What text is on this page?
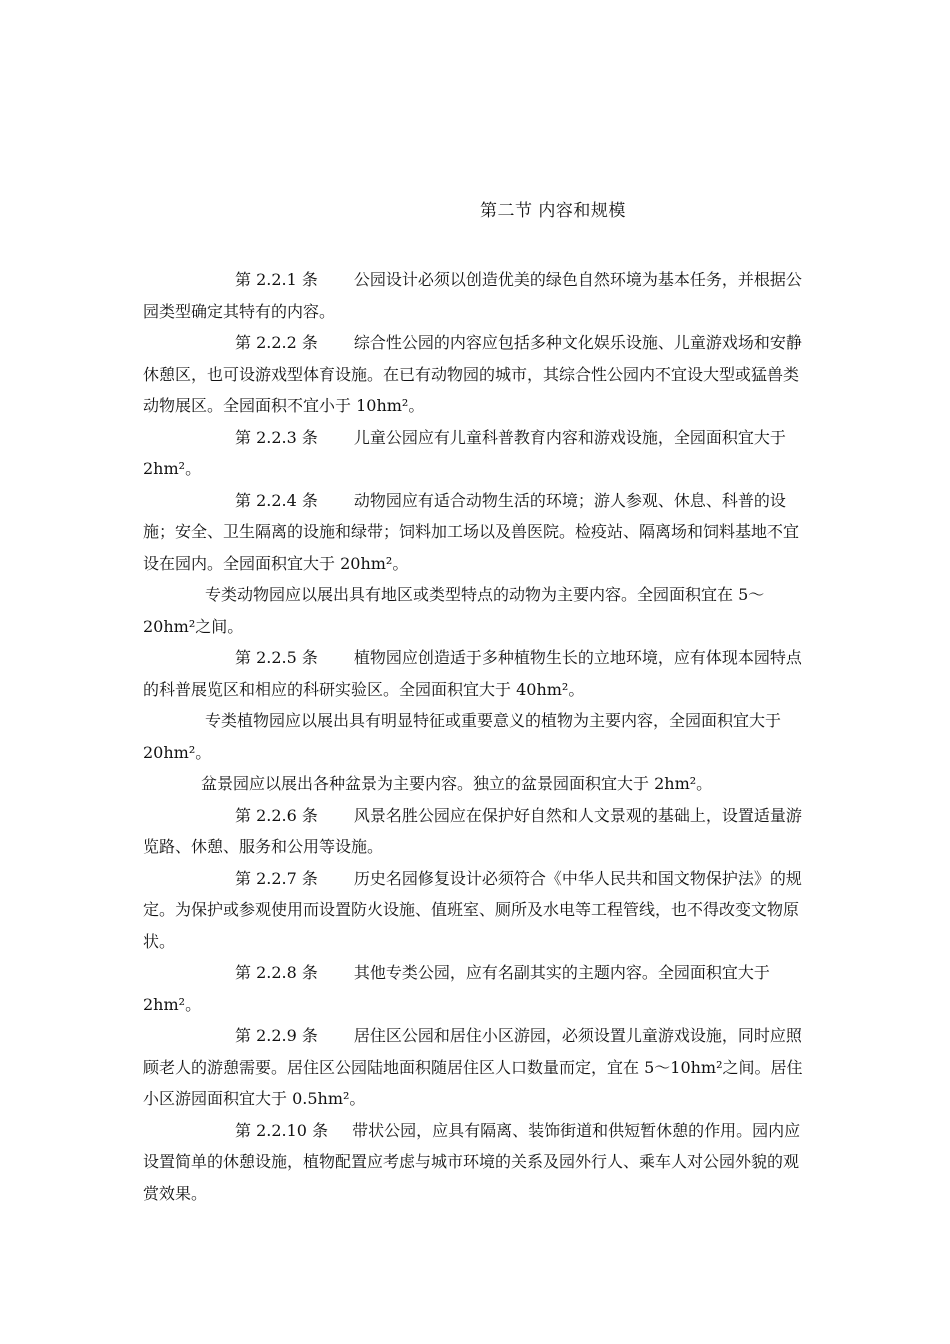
第二节 内容和规模

第 2.2.1 条 公园设计必须以创造优美的绿色自然环境为基本任务，并根据公园类型确定其特有的内容。

第 2.2.2 条 综合性公园的内容应包括多种文化娱乐设施、儿童游戏场和安静休憩区，也可设游戏型体育设施。在已有动物园的城市，其综合性公园内不宜设大型或猛兽类动物展区。全园面积不宜小于 10hm²。

第 2.2.3 条 儿童公园应有儿童科普教育内容和游戏设施，全园面积宜大于 2hm²。

第 2.2.4 条 动物园应有适合动物生活的环境；游人参观、休息、科普的设施；安全、卫生隔离的设施和绿带；饲料加工场以及兽医院。检疫站、隔离场和饲料基地不宜设在园内。全园面积宜大于 20hm²。

专类动物园应以展出具有地区或类型特点的动物为主要内容。全园面积宜在 5～20hm²之间。

第 2.2.5 条 植物园应创造适于多种植物生长的立地环境，应有体现本园特点的科普展览区和相应的科研实验区。全园面积宜大于 40hm²。

专类植物园应以展出具有明显特征或重要意义的植物为主要内容，全园面积宜大于 20hm²。

盆景园应以展出各种盆景为主要内容。独立的盆景园面积宜大于 2hm²。

第 2.2.6 条 风景名胜公园应在保护好自然和人文景观的基础上，设置适量游览路、休憩、服务和公用等设施。

第 2.2.7 条 历史名园修复设计必须符合《中华人民共和国文物保护法》的规定。为保护或参观使用而设置防火设施、值班室、厕所及水电等工程管线，也不得改变文物原状。

第 2.2.8 条 其他专类公园，应有名副其实的主题内容。全园面积宜大于 2hm²。

第 2.2.9 条 居住区公园和居住小区游园，必须设置儿童游戏设施，同时应照顾老人的游憩需要。居住区公园陆地面积随居住区人口数量而定，宜在 5～10hm²之间。居住小区游园面积宜大于 0.5hm²。

第 2.2.10 条 带状公园，应具有隔离、装饰街道和供短暂休憩的作用。园内应设置简单的休憩设施，植物配置应考虑与城市环境的关系及园外行人、乘车人对公园外貌的观赏效果。
